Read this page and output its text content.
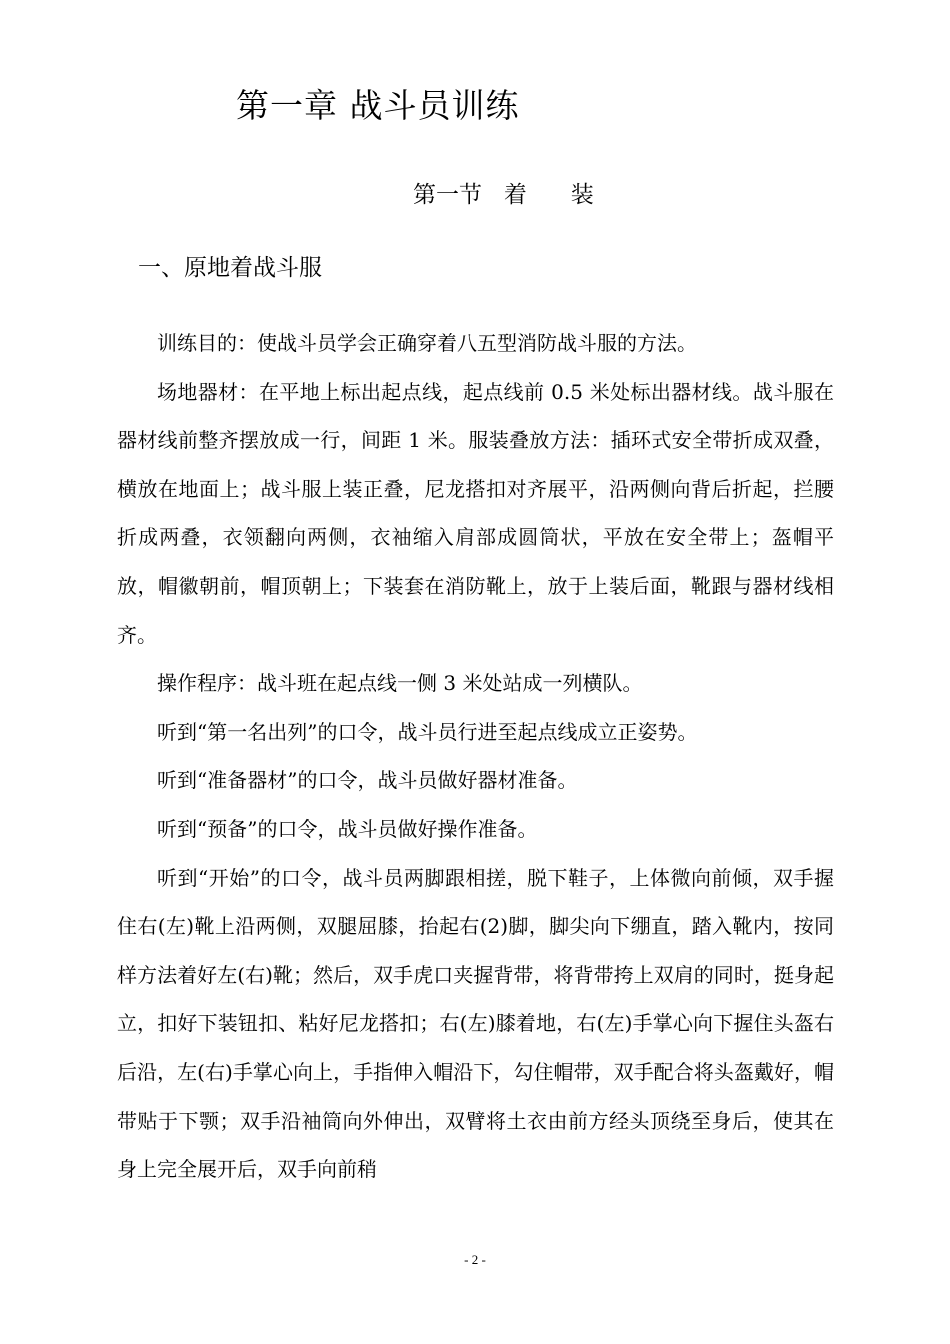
第一章 战斗员训练
第一节   着      装
一、原地着战斗服

训练目的：使战斗员学会正确穿着八五型消防战斗服的方法。

场地器材：在平地上标出起点线，起点线前 0.5 米处标出器材线。战斗服在器材线前整齐摆放成一行，间距 1 米。服装叠放方法：插环式安全带折成双叠，横放在地面上；战斗服上装正叠，尼龙搭扣对齐展平，沿两侧向背后折起，拦腰折成两叠，衣领翻向两侧，衣袖缩入肩部成圆筒状，平放在安全带上；盔帽平放，帽徽朝前，帽顶朝上；下装套在消防靴上，放于上装后面，靴跟与器材线相齐。

操作程序：战斗班在起点线一侧 3 米处站成一列横队。

听到“第一名出列”的口令，战斗员行进至起点线成立正姿势。

听到“准备器材”的口令，战斗员做好器材准备。

听到“预备”的口令，战斗员做好操作准备。

听到“开始”的口令，战斗员两脚跟相搓，脱下鞋子，上体微向前倾，双手握住右(左)靴上沿两侧，双腿屈膝，抬起右(2)脚，脚尖向下绷直，踏入靴内，按同样方法着好左(右)靴；然后，双手虎口夹握背带，将背带挎上双肩的同时，挺身起立，扣好下装钮扣、粘好尼龙搭扣；右(左)膝着地，右(左)手掌心向下握住头盔右后沿，左(右)手掌心向上，手指伸入帽沿下，勾住帽带，双手配合将头盔戴好，帽带贴于下颚；双手沿袖筒向外伸出，双臂将土衣由前方经头顶绕至身后，使其在身上完全展开后，双手向前稍

- 2 -
